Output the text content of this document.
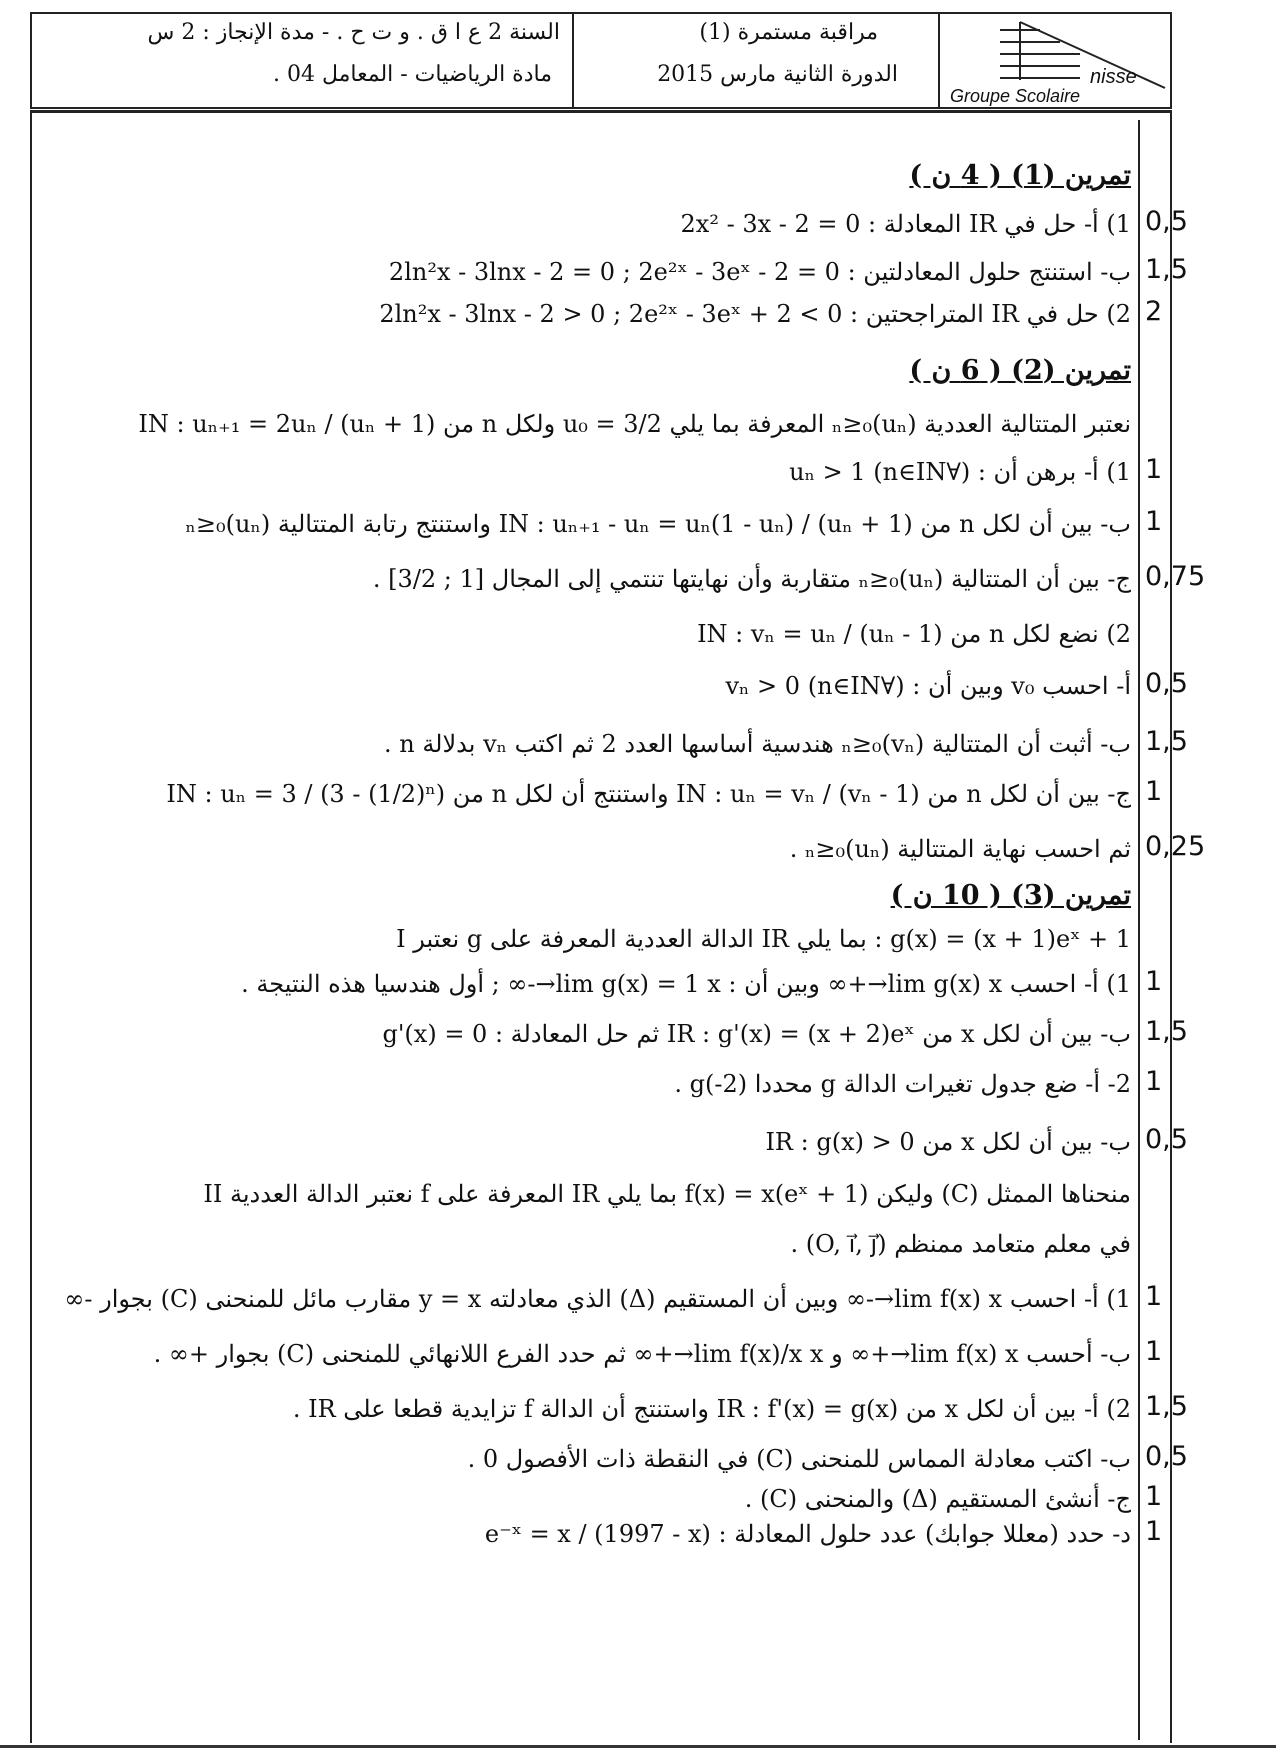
السنة 2 ع ا ق . و ت ح . - مدة الإنجاز : 2 س
مادة الرياضيات - المعامل 04 .
مراقبة مستمرة (1)
الدورة الثانية مارس 2015	nisse
Groupe Scolaire
تمرين (1) ( 4 ن )
1) أ- حل في IR المعادلة : 2x² - 3x - 2 = 0
ب- استنتج حلول المعادلتين : 2ln²x - 3lnx - 2 = 0 ; 2e²ˣ - 3eˣ - 2 = 0
2) حل في IR المتراجحتين : 2ln²x - 3lnx - 2 > 0 ; 2e²ˣ - 3eˣ + 2 < 0
تمرين (2) ( 6 ن )
نعتبر المتتالية العددية (uₙ)ₙ≥₀ المعرفة بما يلي u₀ = 3/2 ولكل n من IN : uₙ₊₁ = 2uₙ / (uₙ + 1)
1) أ- برهن أن : (∀n∈IN) uₙ > 1
ب- بين أن لكل n من IN : uₙ₊₁ - uₙ = uₙ(1 - uₙ) / (uₙ + 1) واستنتج رتابة المتتالية (uₙ)ₙ≥₀
ج- بين أن المتتالية (uₙ)ₙ≥₀ متقاربة وأن نهايتها تنتمي إلى المجال [1 ; 3/2] .
2) نضع لكل n من IN : vₙ = uₙ / (uₙ - 1)
أ- احسب v₀ وبين أن : (∀n∈IN) vₙ > 0
ب- أثبت أن المتتالية (vₙ)ₙ≥₀ هندسية أساسها العدد 2 ثم اكتب vₙ بدلالة n .
ج- بين أن لكل n من IN : uₙ = vₙ / (vₙ - 1) واستنتج أن لكل n من IN : uₙ = 3 / (3 - (1/2)ⁿ)
ثم احسب نهاية المتتالية (uₙ)ₙ≥₀ .
تمرين (3) ( 10 ن )
I نعتبر g الدالة العددية المعرفة على IR بما يلي : g(x) = (x + 1)eˣ + 1
1) أ- احسب lim g(x) x→+∞ وبين أن : lim g(x) = 1 x→-∞ ; أول هندسيا هذه النتيجة .
ب- بين أن لكل x من IR : g'(x) = (x + 2)eˣ ثم حل المعادلة : g'(x) = 0
2- أ- ضع جدول تغيرات الدالة g محددا g(-2) .
ب- بين أن لكل x من IR : g(x) > 0
II نعتبر الدالة العددية f المعرفة على IR بما يلي f(x) = x(eˣ + 1) وليكن (C) منحناها الممثل
في معلم متعامد ممنظم (O, i⃗, j⃗) .
1) أ- احسب lim f(x) x→-∞ وبين أن المستقيم (Δ) الذي معادلته y = x مقارب مائل للمنحنى (C) بجوار -∞
ب- أحسب lim f(x) x→+∞ و lim f(x)/x x→+∞ ثم حدد الفرع اللانهائي للمنحنى (C) بجوار +∞ .
2) أ- بين أن لكل x من IR : f'(x) = g(x) واستنتج أن الدالة f تزايدية قطعا على IR .
ب- اكتب معادلة المماس للمنحنى (C) في النقطة ذات الأفصول 0 .
ج- أنشئ المستقيم (Δ) والمنحنى (C) .
د- حدد (معللا جوابك) عدد حلول المعادلة : e⁻ˣ = x / (1997 - x)
0,5
1,5
2
1
1
0,75
0,5
1,5
1
0,25
1
1,5
1
0,5
1
1
1,5
0,5
1
1
